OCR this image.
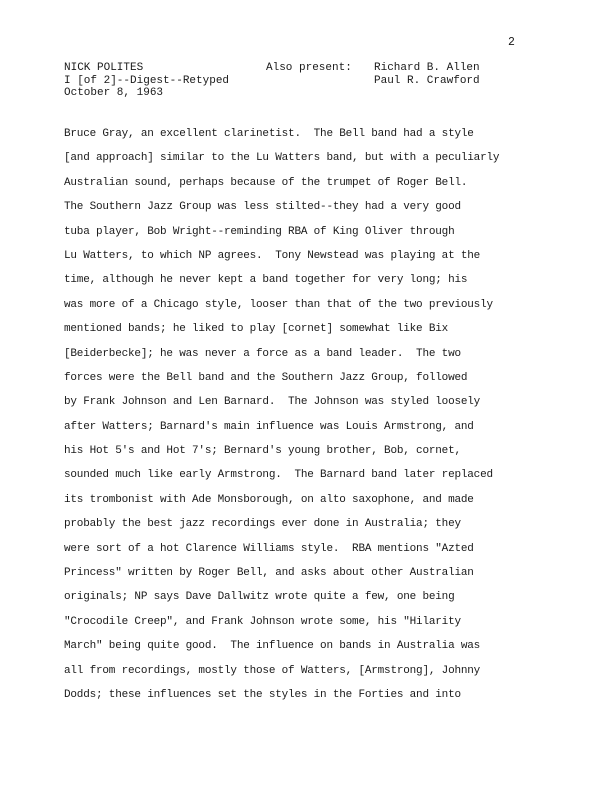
2
NICK POLITES
I [of 2]--Digest--Retyped
October 8, 1963
Also present: Richard B. Allen
Paul R. Crawford
Bruce Gray, an excellent clarinetist.  The Bell band had a style
[and approach] similar to the Lu Watters band, but with a peculiarly
Australian sound, perhaps because of the trumpet of Roger Bell.
The Southern Jazz Group was less stilted--they had a very good
tuba player, Bob Wright--reminding RBA of King Oliver through
Lu Watters, to which NP agrees.  Tony Newstead was playing at the
time, although he never kept a band together for very long; his
was more of a Chicago style, looser than that of the two previously
mentioned bands; he liked to play [cornet] somewhat like Bix
[Beiderbecke]; he was never a force as a band leader.  The two
forces were the Bell band and the Southern Jazz Group, followed
by Frank Johnson and Len Barnard.  The Johnson was styled loosely
after Watters; Barnard's main influence was Louis Armstrong, and
his Hot 5's and Hot 7's; Bernard's young brother, Bob, cornet,
sounded much like early Armstrong.  The Barnard band later replaced
its trombonist with Ade Monsborough, on alto saxophone, and made
probably the best jazz recordings ever done in Australia; they
were sort of a hot Clarence Williams style.  RBA mentions "Azted
Princess" written by Roger Bell, and asks about other Australian
originals; NP says Dave Dallwitz wrote quite a few, one being
"Crocodile Creep", and Frank Johnson wrote some, his "Hilarity
March" being quite good.  The influence on bands in Australia was
all from recordings, mostly those of Watters, [Armstrong], Johnny
Dodds; these influences set the styles in the Forties and into
